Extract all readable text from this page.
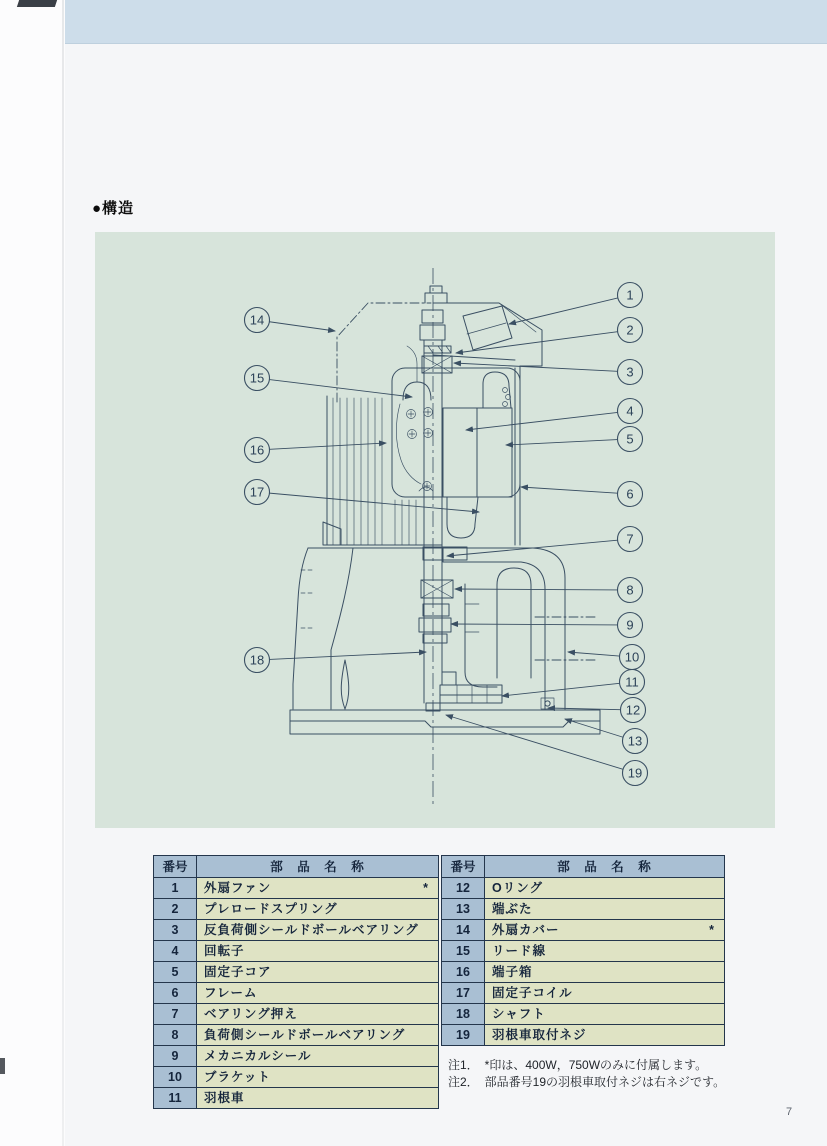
●構造
1
2
3
4
5
6
7
8
9
10
11
12
13
19
14
15
16
17
18
番号	部　品　名　称
1	外扇ファン *

2	プレロードスプリング
3	反負荷側シールドボールベアリング
4	回転子
5	固定子コア
6	フレーム
7	ベアリング押え
8	負荷側シールドボールベアリング
9	メカニカルシール
10	ブラケット
11	羽根車
番号	部　品　名　称
12	Oリング
13	端ぶた
14	外扇カバー *

15	リード線
16	端子箱
17	固定子コイル
18	シャフト
19	羽根車取付ネジ
注1．　*印は、400W，750Wのみに付属します。
注2．　部品番号19の羽根車取付ネジは右ネジです。
7
